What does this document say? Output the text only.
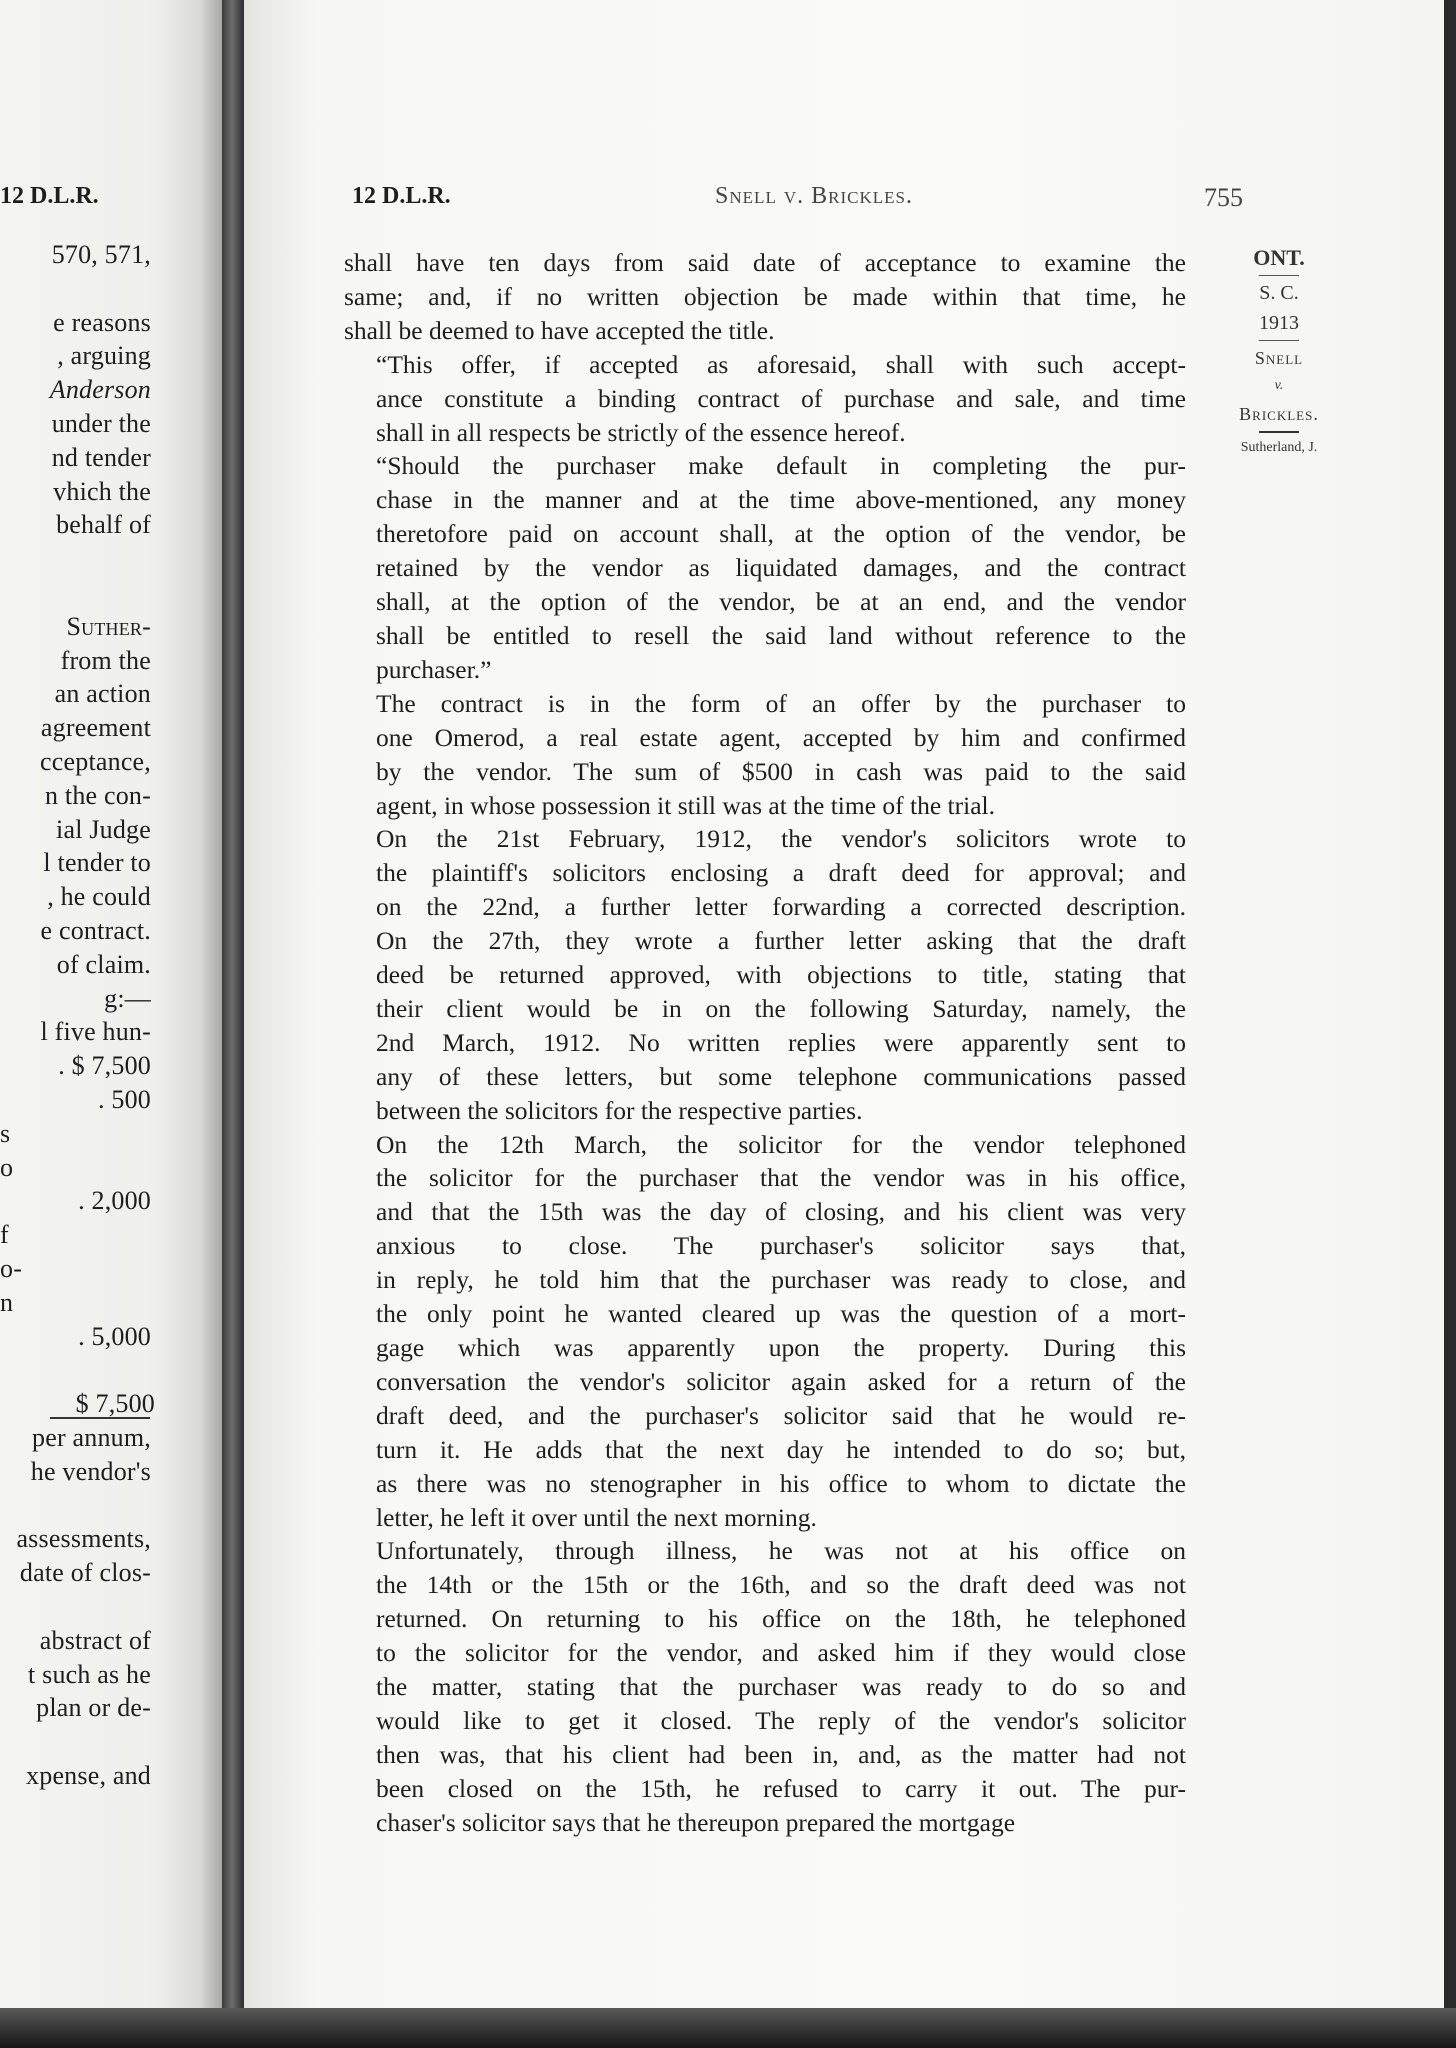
12 D.L.R.
570, 571,
e reasons
, arguing
Anderson
under the
nd tender
vhich the
behalf of
Suther-
from the
an action
agreement
cceptance,
n the con-
ial Judge
l tender to
, he could
e contract.
of claim.
g:—
l five hun-
. $ 7,500
. 500
s
o
. 2,000
f
o-
n
. 5,000
$ 7,500
per annum,
he vendor's
assessments,
date of clos-
abstract of
t such as he
plan or de-
xpense, and
12 D.L.R.	Snell v. Brickles.	755

shall have ten days from said date of acceptance to examine the
same; and, if no written objection be made within that time, he
shall be deemed to have accepted the title.

“This offer, if accepted as aforesaid, shall with such accept-
ance constitute a binding contract of purchase and sale, and time
shall in all respects be strictly of the essence hereof.

“Should the purchaser make default in completing the pur-
chase in the manner and at the time above-mentioned, any money
theretofore paid on account shall, at the option of the vendor, be
retained by the vendor as liquidated damages, and the contract
shall, at the option of the vendor, be at an end, and the vendor
shall be entitled to resell the said land without reference to the
purchaser.”

The contract is in the form of an offer by the purchaser to
one Omerod, a real estate agent, accepted by him and confirmed
by the vendor. The sum of $500 in cash was paid to the said
agent, in whose possession it still was at the time of the trial.

On the 21st February, 1912, the vendor's solicitors wrote to
the plaintiff's solicitors enclosing a draft deed for approval; and
on the 22nd, a further letter forwarding a corrected description.
On the 27th, they wrote a further letter asking that the draft
deed be returned approved, with objections to title, stating that
their client would be in on the following Saturday, namely, the
2nd March, 1912. No written replies were apparently sent to
any of these letters, but some telephone communications passed
between the solicitors for the respective parties.

On the 12th March, the solicitor for the vendor telephoned
the solicitor for the purchaser that the vendor was in his office,
and that the 15th was the day of closing, and his client was very
anxious to close. The purchaser's solicitor says that,
in reply, he told him that the purchaser was ready to close, and
the only point he wanted cleared up was the question of a mort-
gage which was apparently upon the property. During this
conversation the vendor's solicitor again asked for a return of the
draft deed, and the purchaser's solicitor said that he would re-
turn it. He adds that the next day he intended to do so; but,
as there was no stenographer in his office to whom to dictate the
letter, he left it over until the next morning.

Unfortunately, through illness, he was not at his office on
the 14th or the 15th or the 16th, and so the draft deed was not
returned. On returning to his office on the 18th, he telephoned
to the solicitor for the vendor, and asked him if they would close
the matter, stating that the purchaser was ready to do so and
would like to get it closed. The reply of the vendor's solicitor
then was, that his client had been in, and, as the matter had not
been closed on the 15th, he refused to carry it out. The pur-
chaser's solicitor says that he thereupon prepared the mortgage

ONT.
S. C.
1913
Snell
v.
Brickles.
Sutherland, J.
